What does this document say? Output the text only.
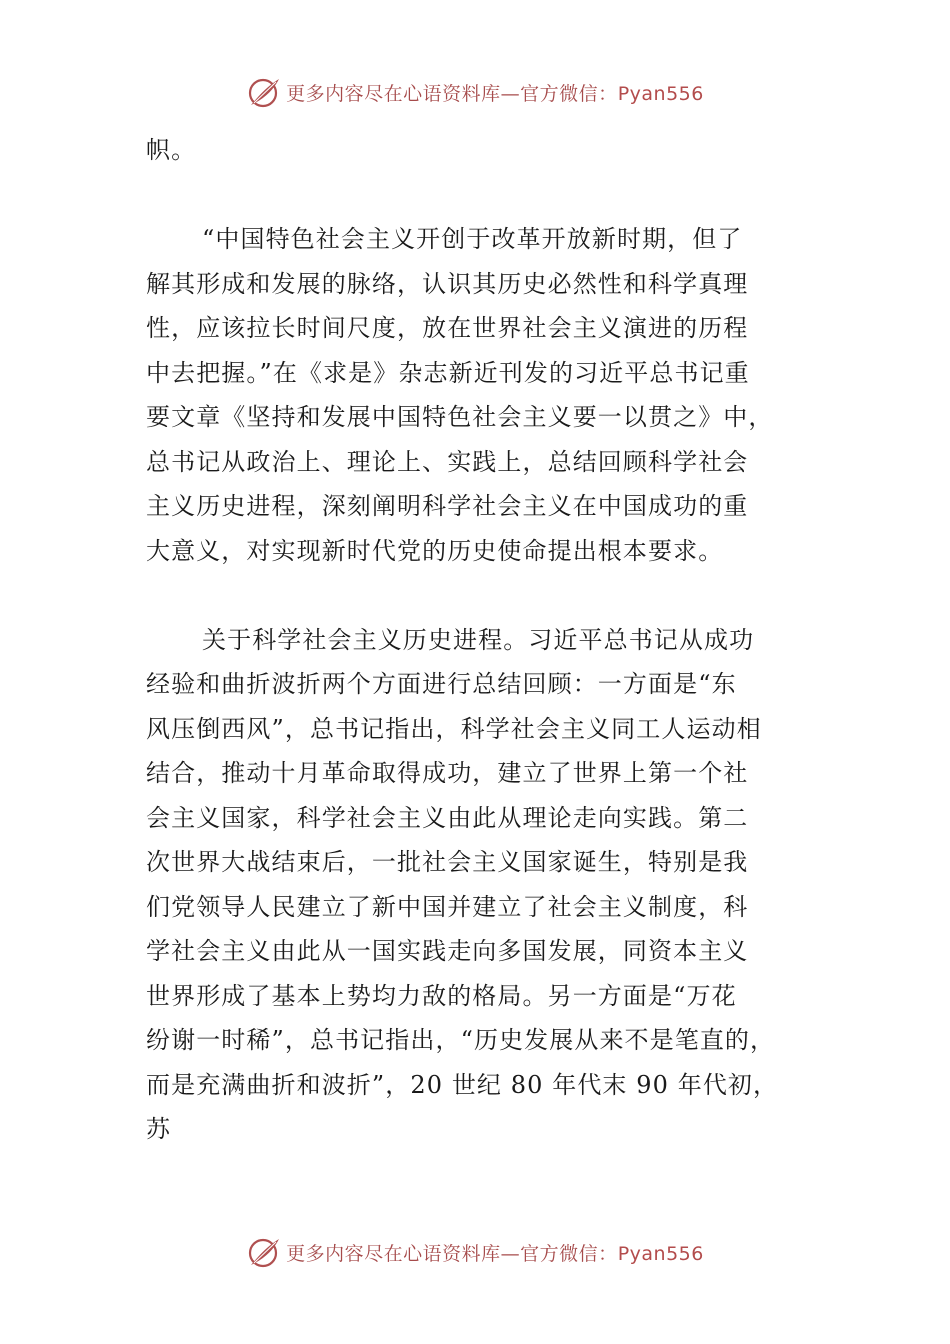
更多内容尽在心语资料库—官方微信：Pyan556

帜。

“中国特色社会主义开创于改革开放新时期，但了
解其形成和发展的脉络，认识其历史必然性和科学真理
性，应该拉长时间尺度，放在世界社会主义演进的历程
中去把握。”在《求是》杂志新近刊发的习近平总书记重
要文章《坚持和发展中国特色社会主义要一以贯之》中，
总书记从政治上、理论上、实践上，总结回顾科学社会
主义历史进程，深刻阐明科学社会主义在中国成功的重
大意义，对实现新时代党的历史使命提出根本要求。

关于科学社会主义历史进程。习近平总书记从成功
经验和曲折波折两个方面进行总结回顾：一方面是“东
风压倒西风”，总书记指出，科学社会主义同工人运动相
结合，推动十月革命取得成功，建立了世界上第一个社
会主义国家，科学社会主义由此从理论走向实践。第二
次世界大战结束后，一批社会主义国家诞生，特别是我
们党领导人民建立了新中国并建立了社会主义制度，科
学社会主义由此从一国实践走向多国发展，同资本主义
世界形成了基本上势均力敌的格局。另一方面是“万花
纷谢一时稀”，总书记指出，“历史发展从来不是笔直的，
而是充满曲折和波折”，20 世纪 80 年代末 90 年代初，
苏

更多内容尽在心语资料库—官方微信：Pyan556
